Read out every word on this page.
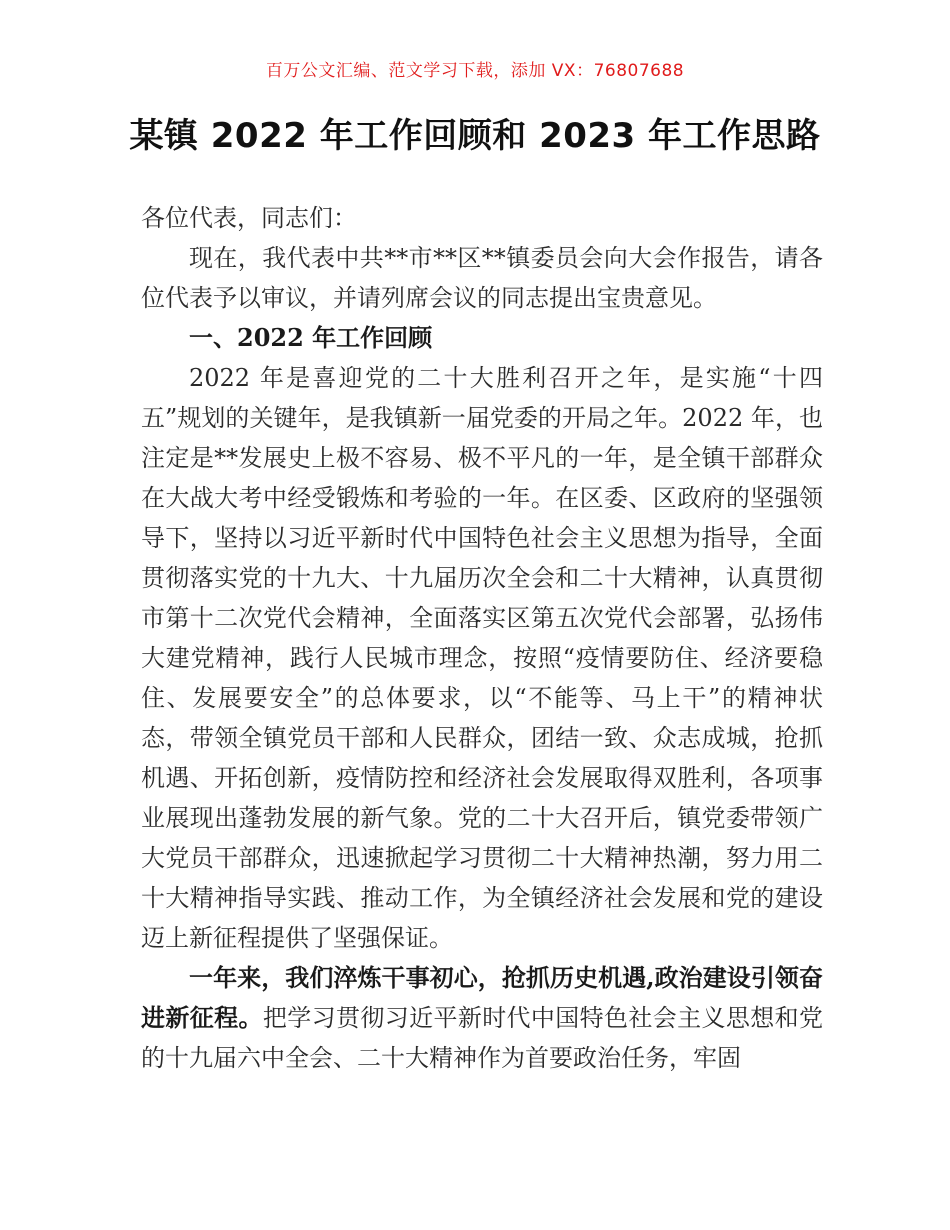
百万公文汇编、范文学习下载，添加 VX：76807688
某镇 2022 年工作回顾和 2023 年工作思路

各位代表，同志们：

现在，我代表中共**市**区**镇委员会向大会作报告，请各位代表予以审议，并请列席会议的同志提出宝贵意见。

一、2022 年工作回顾

2022 年是喜迎党的二十大胜利召开之年，是实施“十四五”规划的关键年，是我镇新一届党委的开局之年。2022 年，也注定是**发展史上极不容易、极不平凡的一年，是全镇干部群众在大战大考中经受锻炼和考验的一年。在区委、区政府的坚强领导下，坚持以习近平新时代中国特色社会主义思想为指导，全面贯彻落实党的十九大、十九届历次全会和二十大精神，认真贯彻市第十二次党代会精神，全面落实区第五次党代会部署，弘扬伟大建党精神，践行人民城市理念，按照“疫情要防住、经济要稳住、发展要安全”的总体要求，以“不能等、马上干”的精神状态，带领全镇党员干部和人民群众，团结一致、众志成城，抢抓机遇、开拓创新，疫情防控和经济社会发展取得双胜利，各项事业展现出蓬勃发展的新气象。党的二十大召开后，镇党委带领广大党员干部群众，迅速掀起学习贯彻二十大精神热潮，努力用二十大精神指导实践、推动工作，为全镇经济社会发展和党的建设迈上新征程提供了坚强保证。

一年来，我们淬炼干事初心，抢抓历史机遇,政治建设引领奋进新征程。把学习贯彻习近平新时代中国特色社会主义思想和党的十九届六中全会、二十大精神作为首要政治任务，牢固
